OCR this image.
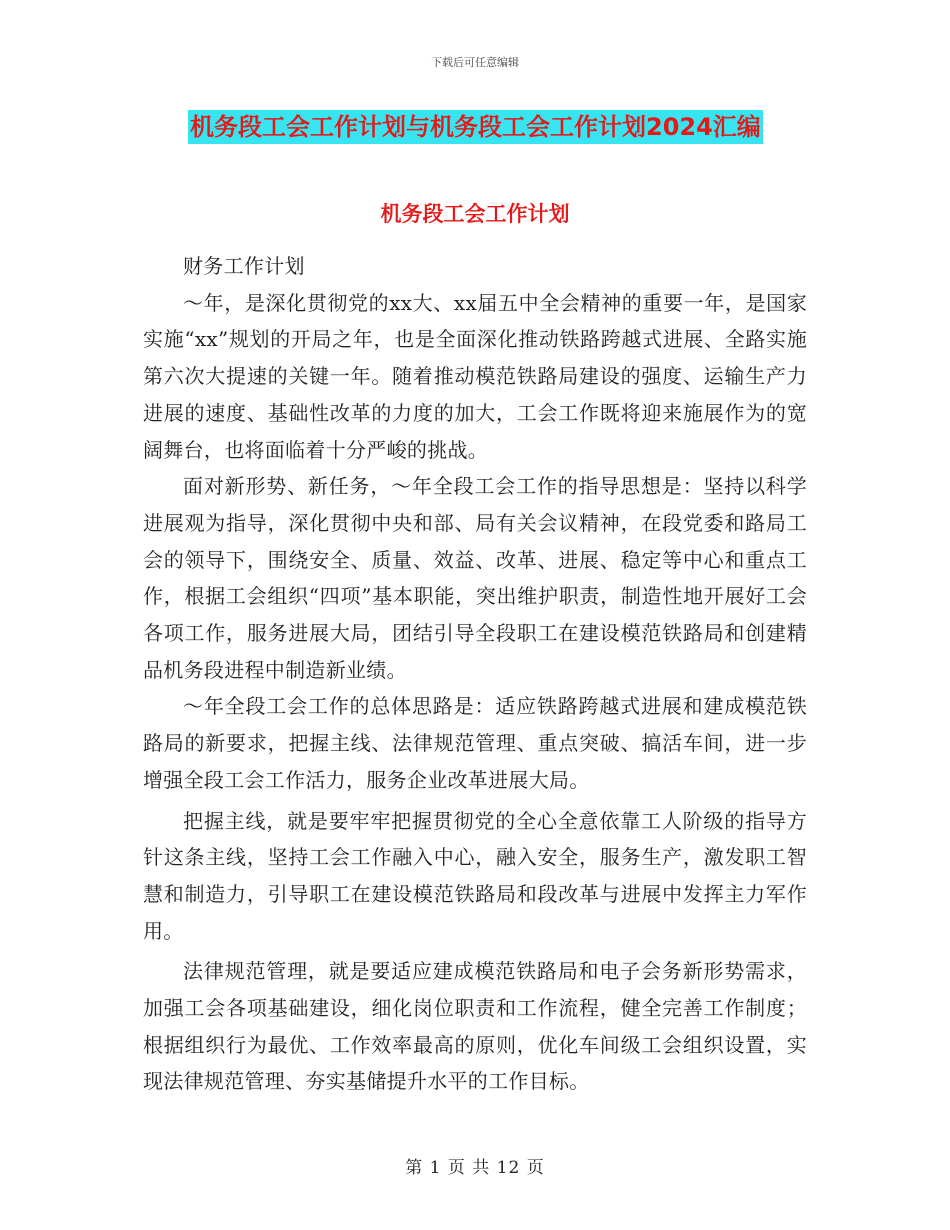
下载后可任意编辑
机务段工会工作计划与机务段工会工作计划2024汇编
机务段工会工作计划

财务工作计划

～年，是深化贯彻党的xx大、xx届五中全会精神的重要一年，是国家实施“xx”规划的开局之年，也是全面深化推动铁路跨越式进展、全路实施第六次大提速的关键一年。随着推动模范铁路局建设的强度、运输生产力进展的速度、基础性改革的力度的加大，工会工作既将迎来施展作为的宽阔舞台，也将面临着十分严峻的挑战。

面对新形势、新任务，～年全段工会工作的指导思想是：坚持以科学进展观为指导，深化贯彻中央和部、局有关会议精神，在段党委和路局工会的领导下，围绕安全、质量、效益、改革、进展、稳定等中心和重点工作，根据工会组织“四项”基本职能，突出维护职责，制造性地开展好工会各项工作，服务进展大局，团结引导全段职工在建设模范铁路局和创建精品机务段进程中制造新业绩。

～年全段工会工作的总体思路是：适应铁路跨越式进展和建成模范铁路局的新要求，把握主线、法律规范管理、重点突破、搞活车间，进一步增强全段工会工作活力，服务企业改革进展大局。

把握主线，就是要牢牢把握贯彻党的全心全意依靠工人阶级的指导方针这条主线，坚持工会工作融入中心，融入安全，服务生产，激发职工智慧和制造力，引导职工在建设模范铁路局和段改革与进展中发挥主力军作用。

法律规范管理，就是要适应建成模范铁路局和电子会务新形势需求，加强工会各项基础建设，细化岗位职责和工作流程，健全完善工作制度；根据组织行为最优、工作效率最高的原则，优化车间级工会组织设置，实现法律规范管理、夯实基储提升水平的工作目标。

第 1 页 共 12 页
